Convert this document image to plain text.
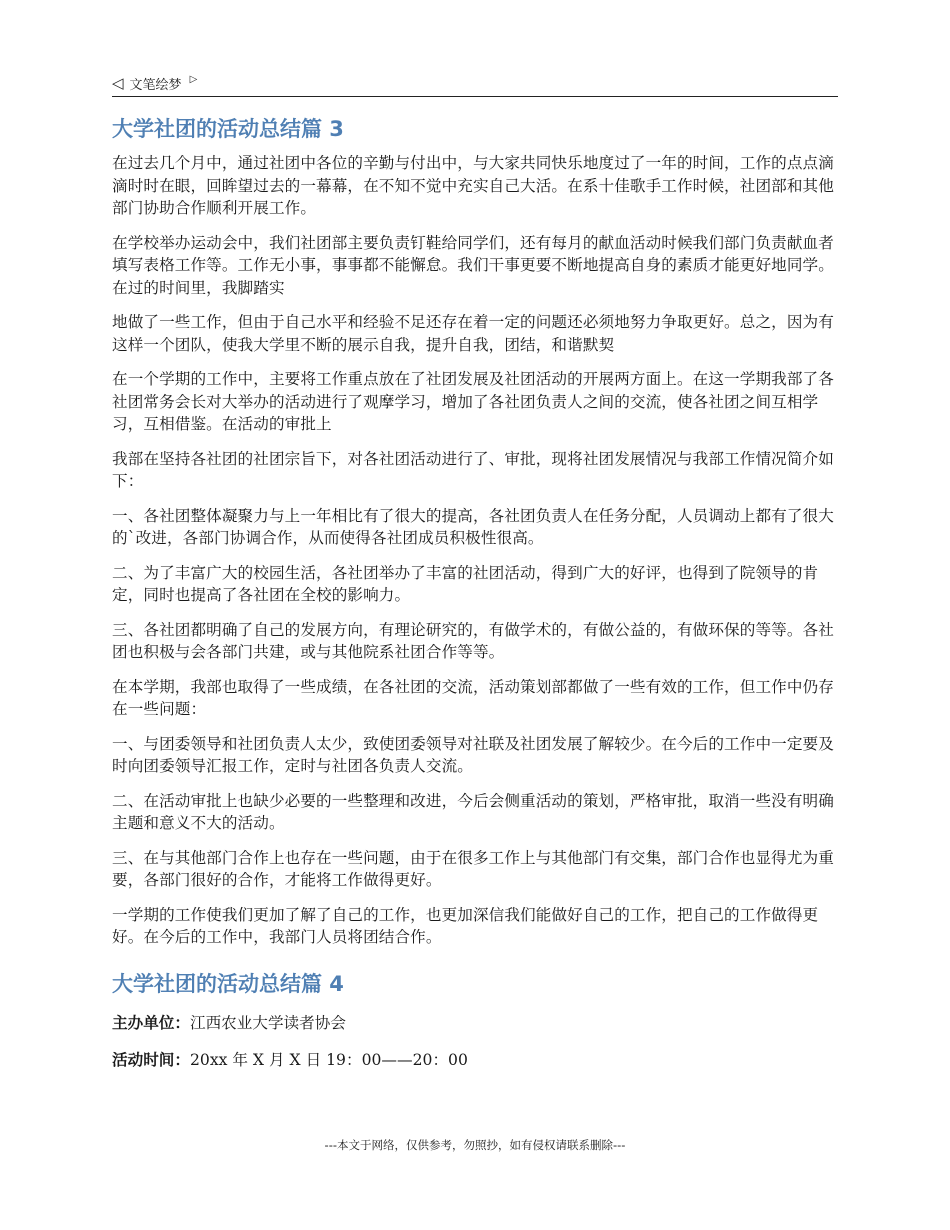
◁ 文笔绘梦 ▷
大学社团的活动总结篇 3

在过去几个月中，通过社团中各位的辛勤与付出中，与大家共同快乐地度过了一年的时间，工作的点点滴滴时时在眼，回眸望过去的一幕幕，在不知不觉中充实自己大活。在系十佳歌手工作时候，社团部和其他部门协助合作顺利开展工作。

在学校举办运动会中，我们社团部主要负责钉鞋给同学们，还有每月的献血活动时候我们部门负责献血者填写表格工作等。工作无小事，事事都不能懈怠。我们干事更要不断地提高自身的素质才能更好地同学。在过的时间里，我脚踏实

地做了一些工作，但由于自己水平和经验不足还存在着一定的问题还必须地努力争取更好。总之，因为有这样一个团队，使我大学里不断的展示自我，提升自我，团结，和谐默契

在一个学期的工作中，主要将工作重点放在了社团发展及社团活动的开展两方面上。在这一学期我部了各社团常务会长对大举办的活动进行了观摩学习，增加了各社团负责人之间的交流，使各社团之间互相学习，互相借鉴。在活动的审批上

我部在坚持各社团的社团宗旨下，对各社团活动进行了、审批，现将社团发展情况与我部工作情况简介如下：

一、各社团整体凝聚力与上一年相比有了很大的提高，各社团负责人在任务分配，人员调动上都有了很大的`改进，各部门协调合作，从而使得各社团成员积极性很高。

二、为了丰富广大的校园生活，各社团举办了丰富的社团活动，得到广大的好评，也得到了院领导的肯定，同时也提高了各社团在全校的影响力。

三、各社团都明确了自己的发展方向，有理论研究的，有做学术的，有做公益的，有做环保的等等。各社团也积极与会各部门共建，或与其他院系社团合作等等。

在本学期，我部也取得了一些成绩，在各社团的交流，活动策划部都做了一些有效的工作，但工作中仍存在一些问题：

一、与团委领导和社团负责人太少，致使团委领导对社联及社团发展了解较少。在今后的工作中一定要及时向团委领导汇报工作，定时与社团各负责人交流。

二、在活动审批上也缺少必要的一些整理和改进，今后会侧重活动的策划，严格审批，取消一些没有明确主题和意义不大的活动。

三、在与其他部门合作上也存在一些问题，由于在很多工作上与其他部门有交集，部门合作也显得尤为重要，各部门很好的合作，才能将工作做得更好。

一学期的工作使我们更加了解了自己的工作，也更加深信我们能做好自己的工作，把自己的工作做得更好。在今后的工作中，我部门人员将团结合作。

大学社团的活动总结篇 4
主办单位：江西农业大学读者协会
活动时间：20xx 年 X 月 X 日 19：00——20：00
---本文于网络，仅供参考，勿照抄，如有侵权请联系删除---
